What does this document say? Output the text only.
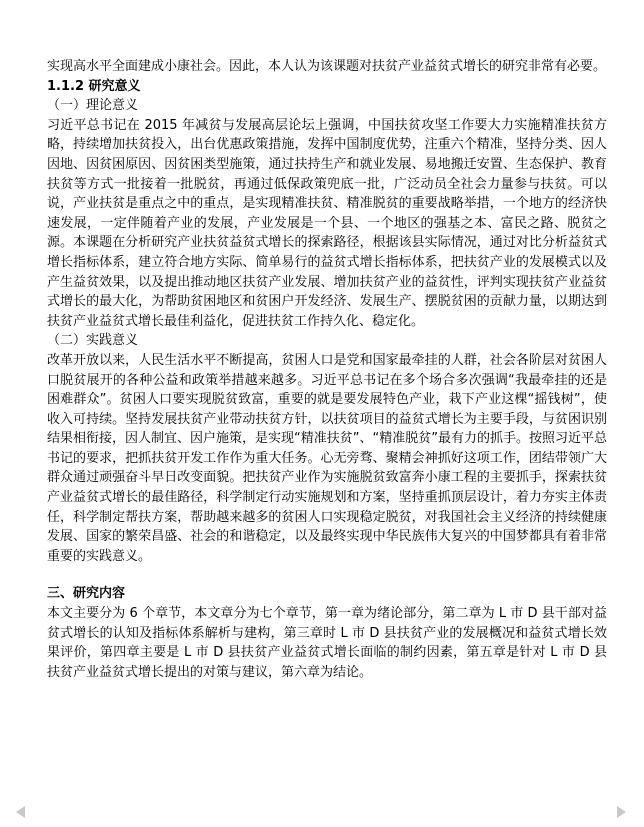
实现高水平全面建成小康社会。因此，本人认为该课题对扶贫产业益贫式增长的研究非常有必要。

1.1.2 研究意义

（一）理论意义

习近平总书记在 2015 年减贫与发展高层论坛上强调，中国扶贫攻坚工作要大力实施精准扶贫方略，持续增加扶贫投入，出台优惠政策措施，发挥中国制度优势，注重六个精准，坚持分类、因人因地、因贫困原因、因贫困类型施策，通过扶持生产和就业发展、易地搬迁安置、生态保护、教育扶贫等方式一批接着一批脱贫，再通过低保政策兜底一批，广泛动员全社会力量参与扶贫。可以说，产业扶贫是重点之中的重点，是实现精准扶贫、精准脱贫的重要战略举措，一个地方的经济快速发展，一定伴随着产业的发展，产业发展是一个县、一个地区的强基之本、富民之路、脱贫之源。本课题在分析研究产业扶贫益贫式增长的探索路径，根据该县实际情况，通过对比分析益贫式增长指标体系，建立符合地方实际、简单易行的益贫式增长指标体系，把扶贫产业的发展模式以及产生益贫效果，以及提出推动地区扶贫产业发展、增加扶贫产业的益贫性，评判实现扶贫产业益贫式增长的最大化，为帮助贫困地区和贫困户开发经济、发展生产、摆脱贫困的贡献力量，以期达到扶贫产业益贫式增长最佳利益化，促进扶贫工作持久化、稳定化。

（二）实践意义

改革开放以来，人民生活水平不断提高，贫困人口是党和国家最牵挂的人群，社会各阶层对贫困人口脱贫展开的各种公益和政策举措越来越多。习近平总书记在多个场合多次强调“我最牵挂的还是困难群众”。贫困人口要实现脱贫致富，重要的就是要发展特色产业，栽下产业这棵“摇钱树”，使收入可持续。坚持发展扶贫产业带动扶贫方针，以扶贫项目的益贫式增长为主要手段，与贫困识别结果相衔接，因人制宜、因户施策，是实现“精准扶贫”、“精准脱贫”最有力的抓手。按照习近平总书记的要求，把抓扶贫开发工作作为重大任务。心无旁骛、聚精会神抓好这项工作，团结带领广大群众通过顽强奋斗早日改变面貌。把扶贫产业作为实施脱贫致富奔小康工程的主要抓手，探索扶贫产业益贫式增长的最佳路径，科学制定行动实施规划和方案，坚持重抓顶层设计，着力夯实主体责任，科学制定帮扶方案，帮助越来越多的贫困人口实现稳定脱贫，对我国社会主义经济的持续健康发展、国家的繁荣昌盛、社会的和谐稳定，以及最终实现中华民族伟大复兴的中国梦都具有着非常重要的实践意义。

三、研究内容

本文主要分为 6 个章节，本文章分为七个章节，第一章为绪论部分，第二章为 L 市 D 县干部对益贫式增长的认知及指标体系解析与建构，第三章时 L 市 D 县扶贫产业的发展概况和益贫式增长效果评价，第四章主要是 L 市 D 县扶贫产业益贫式增长面临的制约因素，第五章是针对 L 市 D 县扶贫产业益贫式增长提出的对策与建议，第六章为结论。
